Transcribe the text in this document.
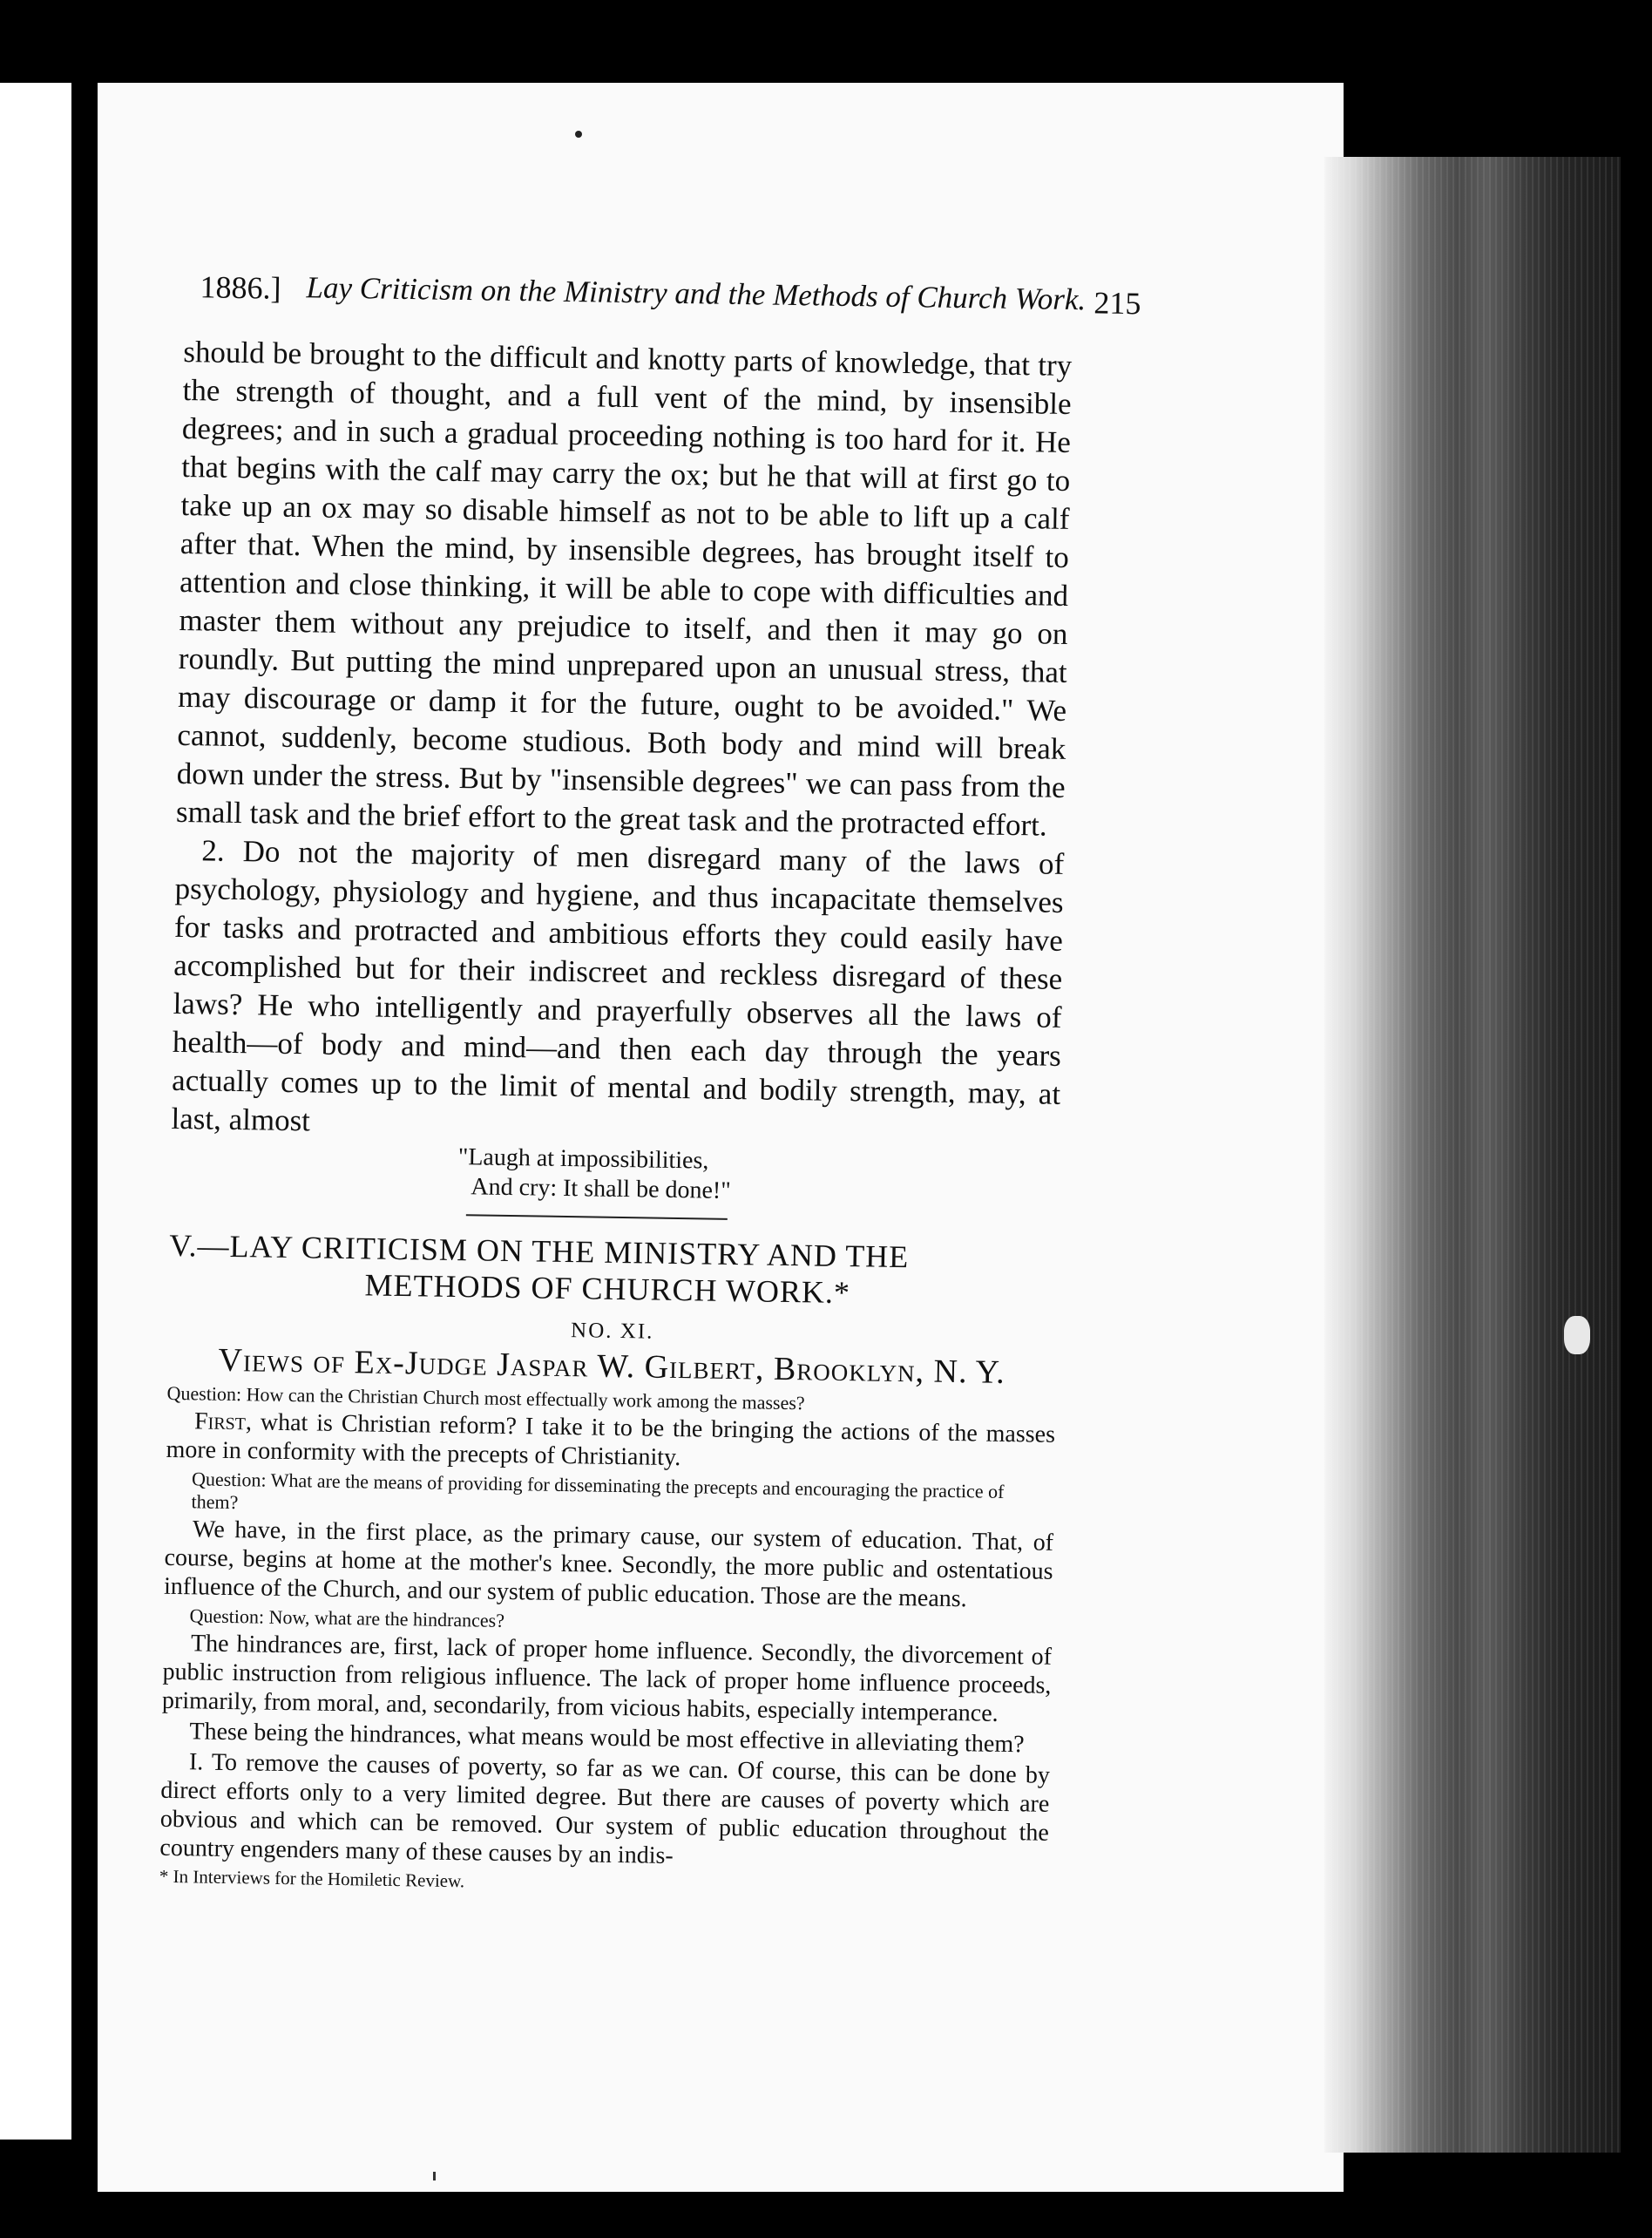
1886.] Lay Criticism on the Ministry and the Methods of Church Work. 215

should be brought to the difficult and knotty parts of knowledge, that try the strength of thought, and a full vent of the mind, by insensible degrees; and in such a gradual proceeding nothing is too hard for it. He that begins with the calf may carry the ox; but he that will at first go to take up an ox may so disable himself as not to be able to lift up a calf after that. When the mind, by insensible degrees, has brought itself to attention and close thinking, it will be able to cope with difficulties and master them without any prejudice to itself, and then it may go on roundly. But putting the mind unprepared upon an unusual stress, that may discourage or damp it for the future, ought to be avoided." We cannot, suddenly, become studious. Both body and mind will break down under the stress. But by "insensible degrees" we can pass from the small task and the brief effort to the great task and the protracted effort.

2. Do not the majority of men disregard many of the laws of psychology, physiology and hygiene, and thus incapacitate themselves for tasks and protracted and ambitious efforts they could easily have accomplished but for their indiscreet and reckless disregard of these laws? He who intelligently and prayerfully observes all the laws of health—of body and mind—and then each day through the years actually comes up to the limit of mental and bodily strength, may, at last, almost

"Laugh at impossibilities,
And cry: It shall be done!"
V.—LAY CRITICISM ON THE MINISTRY AND THE
METHODS OF CHURCH WORK.*
NO. XI.
Views of Ex-Judge Jaspar W. Gilbert, Brooklyn, N. Y.

Question: How can the Christian Church most effectually work among the masses?

First, what is Christian reform? I take it to be the bringing the actions of the masses more in conformity with the precepts of Christianity.

Question: What are the means of providing for disseminating the precepts and encouraging the practice of them?

We have, in the first place, as the primary cause, our system of education. That, of course, begins at home at the mother's knee. Secondly, the more public and ostentatious influence of the Church, and our system of public education. Those are the means.

Question: Now, what are the hindrances?

The hindrances are, first, lack of proper home influence. Secondly, the divorcement of public instruction from religious influence. The lack of proper home influence proceeds, primarily, from moral, and, secondarily, from vicious habits, especially intemperance.

These being the hindrances, what means would be most effective in alleviating them?

I. To remove the causes of poverty, so far as we can. Of course, this can be done by direct efforts only to a very limited degree. But there are causes of poverty which are obvious and which can be removed. Our system of public education throughout the country engenders many of these causes by an indis-

* In Interviews for the Homiletic Review.
